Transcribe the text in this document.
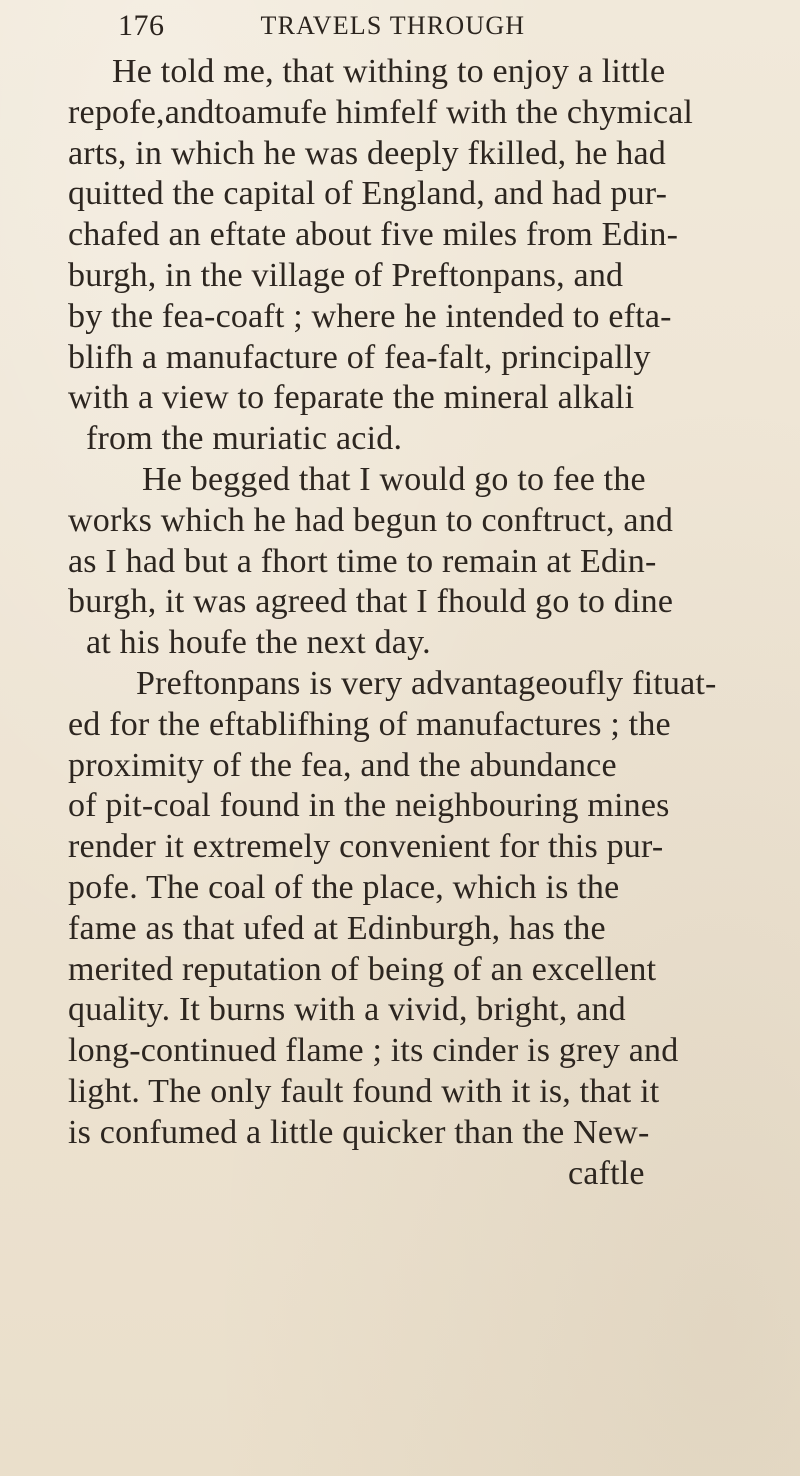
176	TRAVELS THROUGH
He told me, that withing to enjoy a little
repofe,andtoamufe himfelf with the chymical
arts, in which he was deeply fkilled, he had
quitted the capital of England, and had pur-
chafed an eftate about five miles from Edin-
burgh, in the village of Preftonpans, and
by the fea-coaft ; where he intended to efta-
blifh a manufacture of fea-falt, principally
with a view to feparate the mineral alkali
from the muriatic acid.
He begged that I would go to fee the
works which he had begun to conftruct, and
as I had but a fhort time to remain at Edin-
burgh, it was agreed that I fhould go to dine
at his houfe the next day.
Preftonpans is very advantageoufly fituat-
ed for the eftablifhing of manufactures ; the
proximity of the fea, and the abundance
of pit-coal found in the neighbouring mines
render it extremely convenient for this pur-
pofe. The coal of the place, which is the
fame as that ufed at Edinburgh, has the
merited reputation of being of an excellent
quality. It burns with a vivid, bright, and
long-continued flame ; its cinder is grey and
light. The only fault found with it is, that it
is confumed a little quicker than the New-
caftle
